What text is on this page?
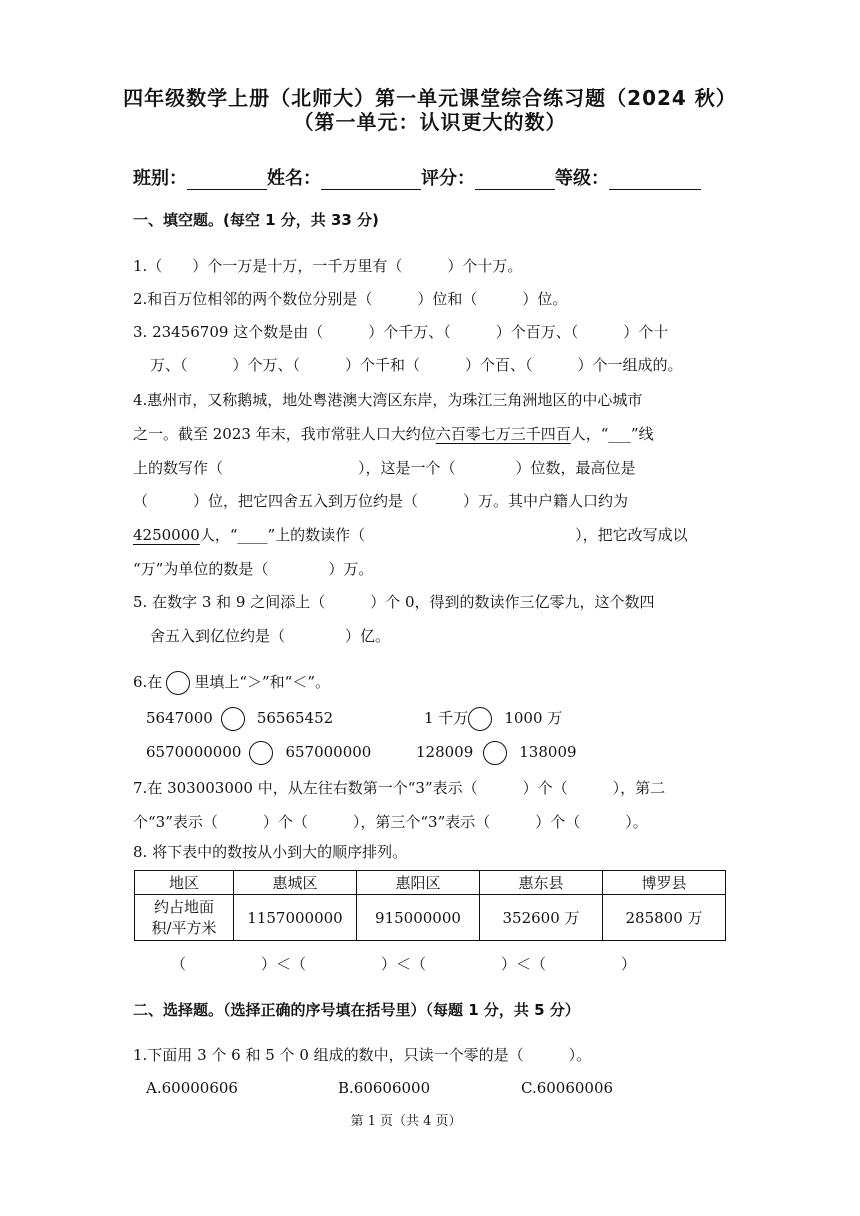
四年级数学上册（北师大）第一单元课堂综合练习题（2024 秋）
（第一单元：认识更大的数）
班别：	姓名：	评分：	等级：
一、填空题。(每空 1 分，共 33 分)
1.（　　）个一万是十万，一千万里有（　　　）个十万。
2.和百万位相邻的两个数位分别是（　　　）位和（　　　）位。
3. 23456709 这个数是由（　　　）个千万、（　　　）个百万、（　　　）个十
万、（　　　）个万、（　　　）个千和（　　　）个百、（　　　）个一组成的。
4.惠州市，又称鹅城，地处粤港澳大湾区东岸，为珠江三角洲地区的中心城市
之一。截至 2023 年末，我市常驻人口大约位六百零七万三千四百人，“___”线
上的数写作（　　　　　　　　　），这是一个（　　　　）位数，最高位是
（　　　）位，把它四舍五入到万位约是（　　　）万。其中户籍人口约为
4250000人，“____”上的数读作（　　　　　　　　　　　　　　），把它改写成以
“万”为单位的数是（　　　　）万。
5. 在数字 3 和 9 之间添上（　　　）个 0，得到的数读作三亿零九，这个数四
舍五入到亿位约是（　　　　）亿。
6.在 里填上“＞”和“＜”。
5647000	56565452	1 千万 1000 万
6570000000	657000000	128009	138009
7.在 303003000 中，从左往右数第一个“3”表示（　　　）个（　　　），第二
个“3”表示（　　　）个（　　　），第三个“3”表示（　　　）个（　　　）。
8. 将下表中的数按从小到大的顺序排列。
地区	惠城区	惠阳区	惠东县	博罗县
约占地面
积/平方米	1157000000	915000000	352600 万	285800 万
（　　　　　）＜（　　　　　）＜（　　　　　）＜（　　　　　）
二、选择题。（选择正确的序号填在括号里）（每题 1 分，共 5 分）
1.下面用 3 个 6 和 5 个 0 组成的数中，只读一个零的是（　　　）。
A.60000606	B.60606000	C.60060006
第 1 页（共 4 页）
